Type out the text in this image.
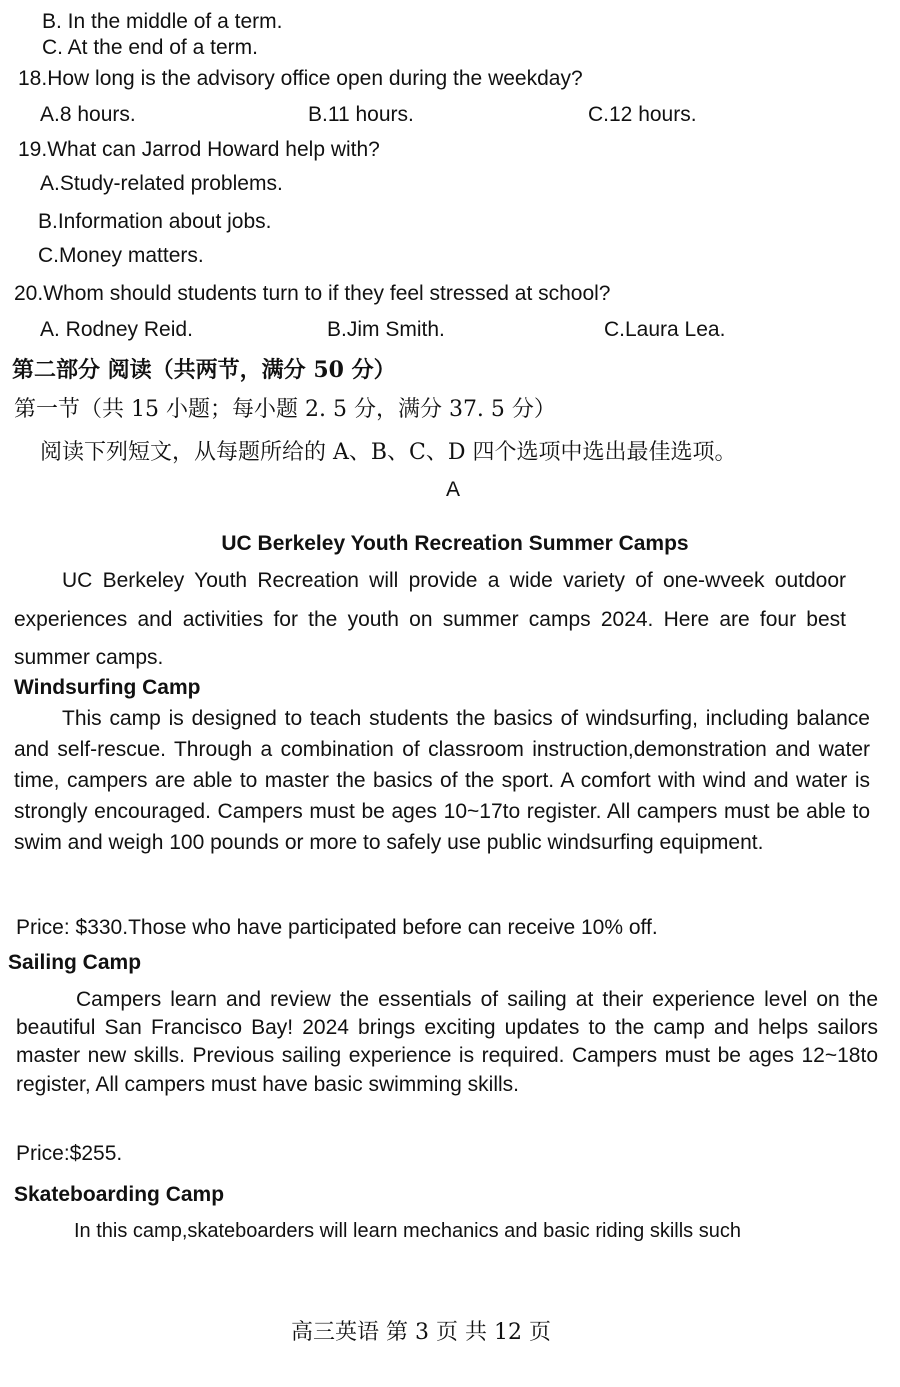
B. In the middle of a term.

C. At the end of a term.

18.How long is the advisory office open during the weekday?

A.8 hours.	B.11 hours.	C.12 hours.

19.What can Jarrod Howard help with?

A.Study-related problems.

B.Information about jobs.

C.Money matters.

20.Whom should students turn to if they feel stressed at school?

A. Rodney Reid.	B.Jim Smith.	C.Laura Lea.

第二部分 阅读（共两节，满分 50 分）

第一节（共 15 小题；每小题 2. 5 分，满分 37. 5 分）

阅读下列短文，从每题所给的 A、B、C、D 四个选项中选出最佳选项。

A

UC Berkeley Youth Recreation Summer Camps

UC Berkeley Youth Recreation will provide a wide variety of one-wveek outdoor experiences and activities for the youth on summer camps 2024. Here are four best summer camps.

Windsurfing Camp

This camp is designed to teach students the basics of windsurfing, including balance and self-rescue. Through a combination of classroom instruction,demonstration and water time, campers are able to master the basics of the sport. A comfort with wind and water is strongly encouraged. Campers must be ages 10~17to register. All campers must be able to swim and weigh 100 pounds or more to safely use public windsurfing equipment.

Price: $330.Those who have participated before can receive 10% off.

Sailing Camp

Campers learn and review the essentials of sailing at their experience level on the beautiful San Francisco Bay! 2024 brings exciting updates to the camp and helps sailors master new skills. Previous sailing experience is required. Campers must be ages 12~18to register, All campers must have basic swimming skills.

Price:$255.

Skateboarding Camp

In this camp,skateboarders will learn mechanics and basic riding skills such

高三英语 第 3 页 共 12 页
